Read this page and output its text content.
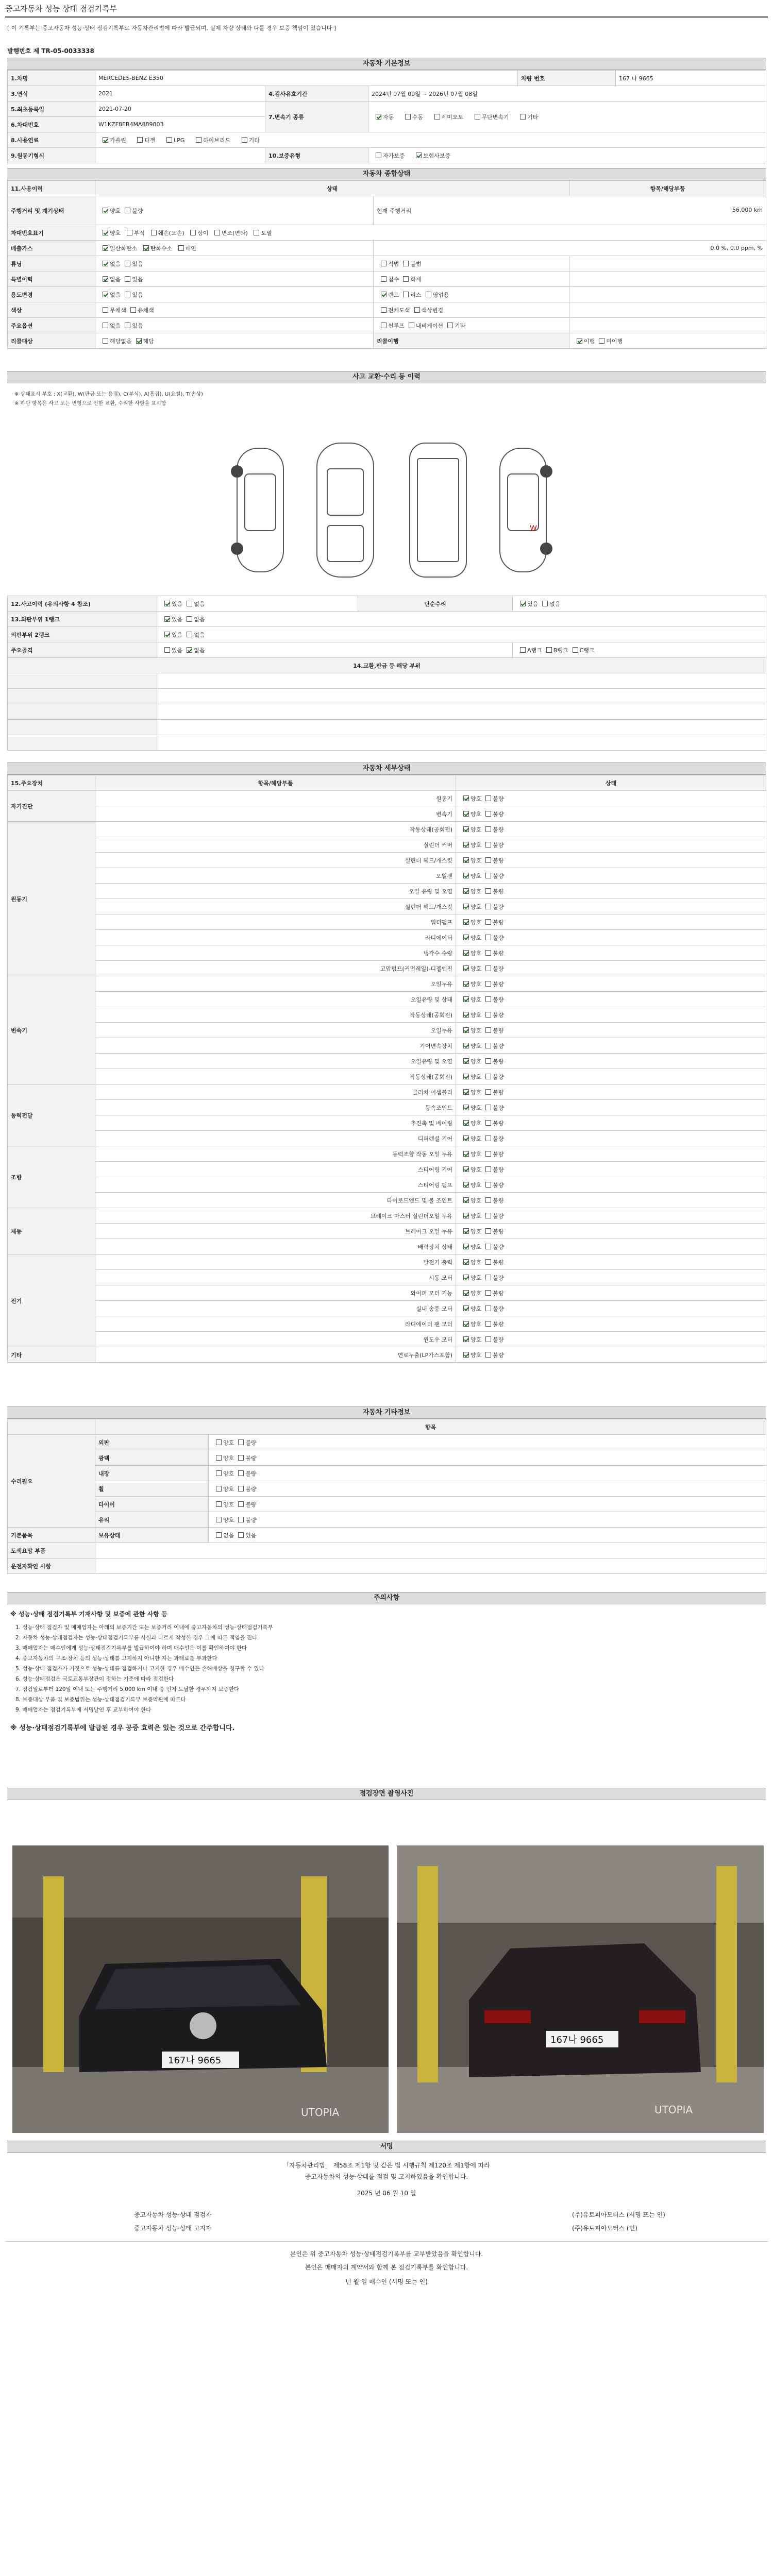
중고자동차 성능 상태 점검기록부
[ 이 기록부는 중고자동차 성능·상태 점검기록부로 자동차관리법에 따라 발급되며, 실제 차량 상태와 다를 경우 보증 책임이 있습니다 ]
발행번호 제 TR-05-0033338
자동차 기본정보
1.차명	MERCEDES-BENZ E350			차량 번호	167 나 9665
3.연식	2021	4.검사유효기간	2024년 07월 09일 ~ 2026년 07월 08일		
5.최초등록일	2021-07-20	7.변속기 종류	자동 수동 세미오토 무단변속기 기타		
6.차대번호	W1KZF8EB4MA889803				
8.사용연료	가솔린 디젤 LPG 하이브리드 기타				
9.원동기형식		10.보증유형	자가보증 보험사보증		
자동차 종합상태
11.사용이력	상태		항목/해당부품
주행거리 및 계기상태	양호 불량	현재 주행거리 56,000 km	

차대번호표기	양호 부식 훼손(오손) 상이 변조(변타) 도말		
배출가스	일산화탄소 탄화수소 매연	0.0 %, 0.0 ppm, %	
튜닝	없음 있음	적법 불법	
특별이력	없음 있음	침수 화재	
용도변경	없음 있음	렌트 리스 영업용	
색상	무채색 유채색	전체도색 색상변경	
주요옵션	없음 있음	썬루프 내비게이션 기타	
리콜대상	해당없음 해당	리콜이행	이행 미이행
사고 교환·수리 등 이력
※ 상태표시 부호 : X(교환), W(판금 또는 용접), C(부식), A(흠집), U(요철), T(손상)
※ 하단 항목은 사고 또는 변형으로 인한 교환, 수리한 사항을 표시함
W
12.사고이력 (유의사항 4 참조)	있음 없음	단순수리	있음 없음
13.외판부위 1랭크	있음 없음		
외판부위 2랭크	있음 없음		
주요골격	있음 없음		A랭크 B랭크 C랭크
14.교환,판금 등 해당 부위			

자동차 세부상태
15.주요장치	항목/해당부품	상태
자기진단	원동기	양호 불량
	변속기	양호 불량
원동기	작동상태(공회전)	양호 불량
	실린더 커버	양호 불량
	실린더 헤드/개스킷	양호 불량
	오일팬	양호 불량
	오일 유량 및 오염	양호 불량
	실린더 헤드/개스킷	양호 불량
	워터펌프	양호 불량
	라디에이터	양호 불량
	냉각수 수량	양호 불량
	고압펌프(커먼레일)-디젤엔진	양호 불량
변속기	오일누유	양호 불량
	오일유량 및 상태	양호 불량
	작동상태(공회전)	양호 불량
	오일누유	양호 불량
	기어변속장치	양호 불량
	오일유량 및 오염	양호 불량
	작동상태(공회전)	양호 불량
동력전달	클러치 어셈블리	양호 불량
	등속조인트	양호 불량
	추진축 및 베어링	양호 불량
	디퍼렌셜 기어	양호 불량
조향	동력조향 작동 오일 누유	양호 불량
	스티어링 기어	양호 불량
	스티어링 펌프	양호 불량
	타이로드엔드 및 볼 조인트	양호 불량
제동	브레이크 마스터 실린더오일 누유	양호 불량
	브레이크 오일 누유	양호 불량
	배력장치 상태	양호 불량
전기	발전기 출력	양호 불량
	시동 모터	양호 불량
	와이퍼 모터 기능	양호 불량
	실내 송풍 모터	양호 불량
	라디에이터 팬 모터	양호 불량
	윈도우 모터	양호 불량
기타	연료누출(LP가스포함)	양호 불량
자동차 기타정보
	항목	
수리필요	외판	양호 불량
	광택	양호 불량
	내장	양호 불량
	휠	양호 불량
	타이어	양호 불량
	유리	양호 불량
기본품목	보유상태	없음 있음
도색요망 부품		
운전자확인 사항		
주의사항
※ 성능·상태 점검기록부 기재사항 및 보증에 관한 사항 등
1. 성능·상태 점검자 및 매매업자는 아래의 보증기간 또는 보증거리 이내에 중고자동차의 성능·상태점검기록부
2. 자동차 성능·상태점검자는 성능·상태점검기록부를 사실과 다르게 작성한 경우 그에 따른 책임을 진다
3. 매매업자는 매수인에게 성능·상태점검기록부를 발급하여야 하며 매수인은 이를 확인하여야 한다
4. 중고자동차의 구조·장치 등의 성능·상태를 고지하지 아니한 자는 과태료를 부과한다
5. 성능·상태 점검자가 거짓으로 성능·상태를 점검하거나 고지한 경우 매수인은 손해배상을 청구할 수 있다
6. 성능·상태점검은 국토교통부장관이 정하는 기준에 따라 점검한다
7. 점검일로부터 120일 이내 또는 주행거리 5,000 km 이내 중 먼저 도달한 경우까지 보증한다
8. 보증대상 부품 및 보증범위는 성능·상태점검기록부 보증약관에 따른다
9. 매매업자는 점검기록부에 서명날인 후 교부하여야 한다
※ 성능·상태점검기록부에 발급된 경우 공증 효력은 있는 것으로 간주합니다.
점검장면 촬영사진
167나 9665
UTOPIA
167나 9665
UTOPIA
서명
「자동차관리법」 제58조 제1항 및 같은 법 시행규칙 제120조 제1항에 따라
중고자동차의 성능·상태를 점검 및 고지하였음을 확인합니다.
2025 년 06 월 10 일
중고자동차 성능·상태 점검자	(주)유토피아모터스 (서명 또는 인)
중고자동차 성능·상태 고지자	(주)유토피아모터스 (인)
본인은 위 중고자동차 성능·상태점검기록부를 교부받았음을 확인합니다.
본인은 매매자의 계약서와 함께 본 점검기록부를 확인합니다.
년 월 일 매수인 (서명 또는 인)
